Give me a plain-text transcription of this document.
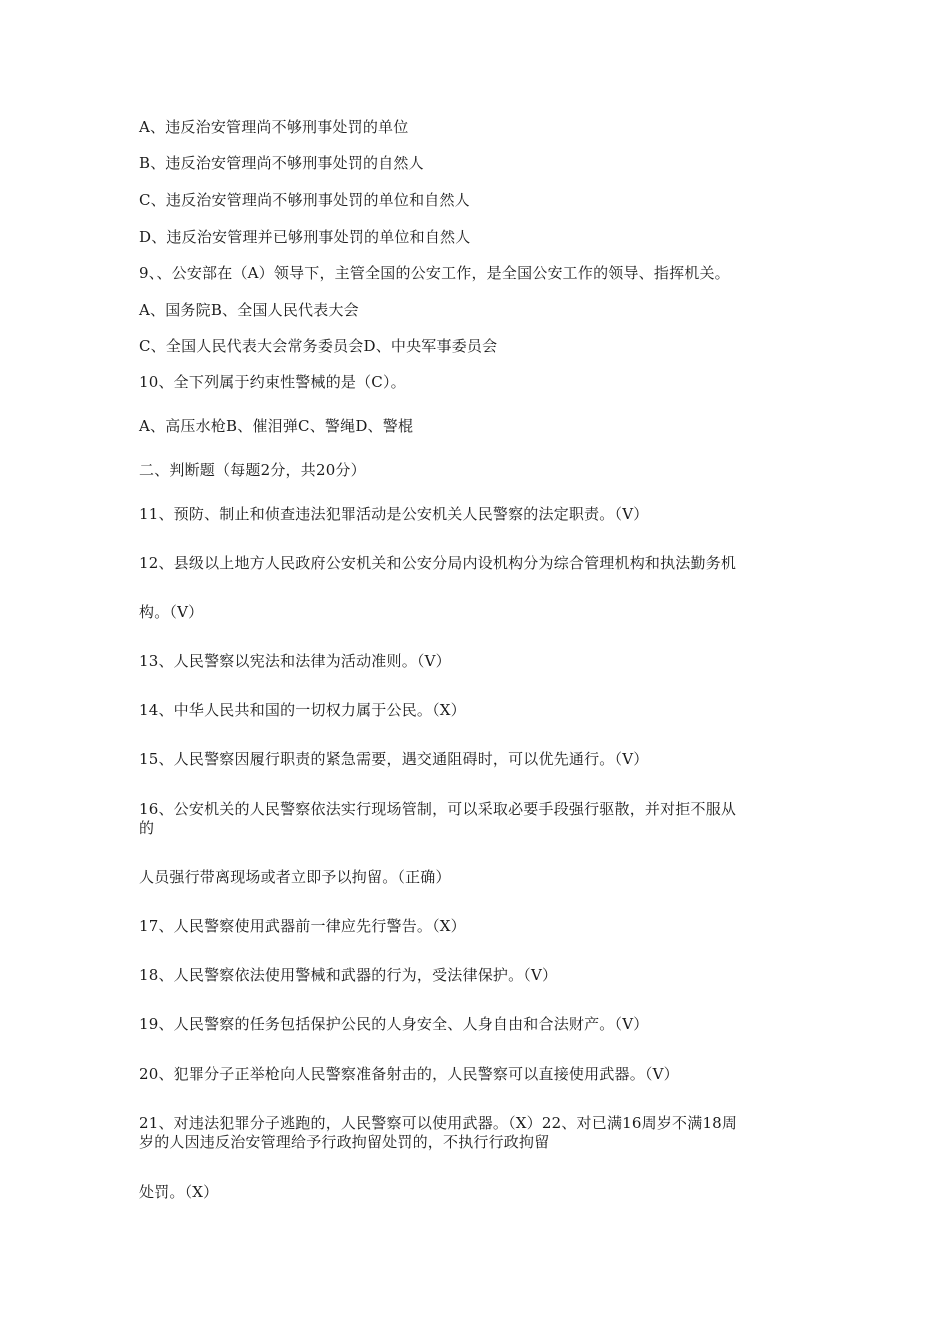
A、违反治安管理尚不够刑事处罚的单位
B、违反治安管理尚不够刑事处罚的自然人
C、违反治安管理尚不够刑事处罚的单位和自然人
D、违反治安管理并已够刑事处罚的单位和自然人
9、、公安部在（A）领导下，主管全国的公安工作，是全国公安工作的领导、指挥机关。
A、国务院B、全国人民代表大会
C、全国人民代表大会常务委员会D、中央军事委员会
10、全下列属于约束性警械的是（C）。
A、高压水枪B、催泪弹C、警绳D、警棍
二、判断题（每题2分，共20分）
11、预防、制止和侦查违法犯罪活动是公安机关人民警察的法定职责。（V）
12、县级以上地方人民政府公安机关和公安分局内设机构分为综合管理机构和执法勤务机
构。（V）
13、人民警察以宪法和法律为活动准则。（V）
14、中华人民共和国的一切权力属于公民。（X）
15、人民警察因履行职责的紧急需要，遇交通阻碍时，可以优先通行。（V）
16、公安机关的人民警察依法实行现场管制，可以采取必要手段强行驱散，并对拒不服从
的
人员强行带离现场或者立即予以拘留。（正确）
17、人民警察使用武器前一律应先行警告。（X）
18、人民警察依法使用警械和武器的行为，受法律保护。（V）
19、人民警察的任务包括保护公民的人身安全、人身自由和合法财产。（V）
20、犯罪分子正举枪向人民警察准备射击的，人民警察可以直接使用武器。（V）
21、对违法犯罪分子逃跑的，人民警察可以使用武器。（X）22、对已满16周岁不满18周
岁的人因违反治安管理给予行政拘留处罚的，不执行行政拘留
处罚。（X）
